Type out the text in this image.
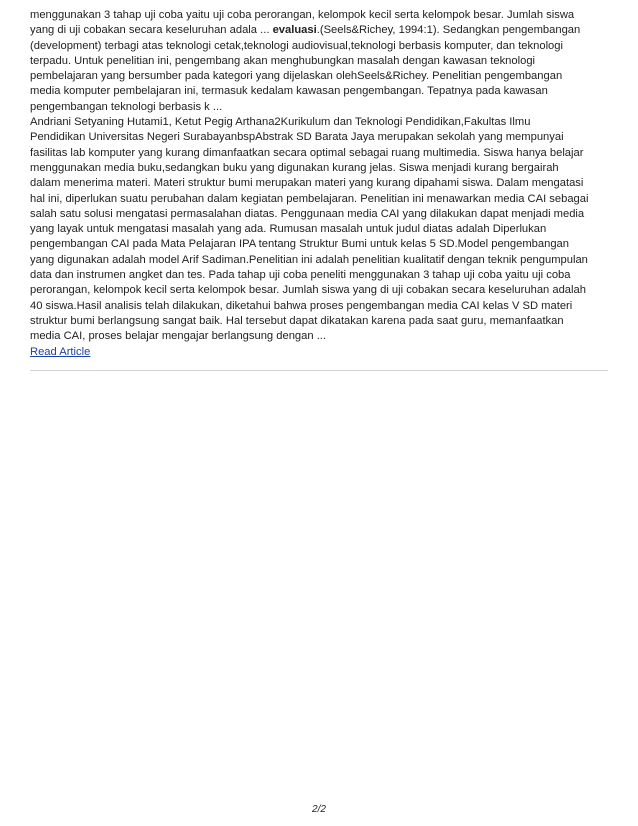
menggunakan 3 tahap uji coba yaitu uji coba perorangan, kelompok kecil serta kelompok besar. Jumlah siswa
yang di uji cobakan secara keseluruhan adala ... evaluasi.(Seels&Richey, 1994:1). Sedangkan pengembangan
(development) terbagi atas teknologi cetak,teknologi audiovisual,teknologi berbasis komputer, dan teknologi
terpadu. Untuk penelitian ini, pengembang akan menghubungkan masalah dengan kawasan teknologi
pembelajaran yang bersumber pada kategori yang dijelaskan olehSeels&Richey. Penelitian pengembangan
media komputer pembelajaran ini, termasuk kedalam kawasan pengembangan. Tepatnya pada kawasan
pengembangan teknologi berbasis k ...
Andriani Setyaning Hutami1, Ketut Pegig Arthana2Kurikulum dan Teknologi Pendidikan,Fakultas Ilmu
Pendidikan Universitas Negeri SurabayanbspAbstrak SD Barata Jaya merupakan sekolah yang mempunyai
fasilitas lab komputer yang kurang dimanfaatkan secara optimal sebagai ruang multimedia. Siswa hanya belajar
menggunakan media buku,sedangkan buku yang digunakan kurang jelas. Siswa menjadi kurang bergairah
dalam menerima materi. Materi struktur bumi merupakan materi yang kurang dipahami siswa. Dalam mengatasi
hal ini, diperlukan suatu perubahan dalam kegiatan pembelajaran. Penelitian ini menawarkan media CAI sebagai
salah satu solusi mengatasi permasalahan diatas. Penggunaan media CAI yang dilakukan dapat menjadi media
yang layak untuk mengatasi masalah yang ada. Rumusan masalah untuk judul diatas adalah Diperlukan
pengembangan CAI pada Mata Pelajaran IPA tentang Struktur Bumi untuk kelas 5 SD.Model pengembangan
yang digunakan adalah model Arif Sadiman.Penelitian ini adalah penelitian kualitatif dengan teknik pengumpulan
data dan instrumen angket dan tes. Pada tahap uji coba peneliti menggunakan 3 tahap uji coba yaitu uji coba
perorangan, kelompok kecil serta kelompok besar. Jumlah siswa yang di uji cobakan secara keseluruhan adalah
40 siswa.Hasil analisis telah dilakukan, diketahui bahwa proses pengembangan media CAI kelas V SD materi
struktur bumi berlangsung sangat baik. Hal tersebut dapat dikatakan karena pada saat guru, memanfaatkan
media CAI, proses belajar mengajar berlangsung dengan ...
Read Article
2/2
